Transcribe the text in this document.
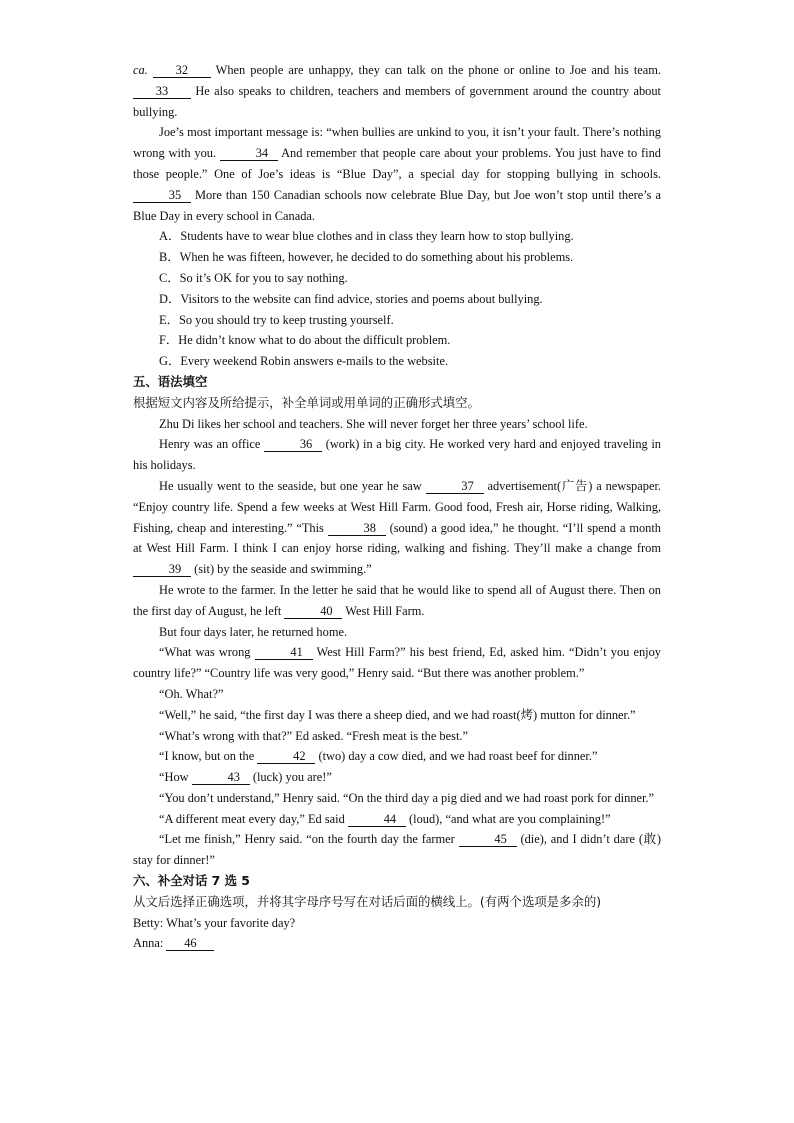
ca. 32 When people are unhappy, they can talk on the phone or online to Joe and his team. 33 He also speaks to children, teachers and members of government around the country about bullying.

Joe’s most important message is: “when bullies are unkind to you, it isn’t your fault. There’s nothing wrong with you.	34 And remember that people care about your problems. You just have to find those people.” One of Joe’s ideas is “Blue Day”, a special day for stopping bullying in schools. 35 More than 150 Canadian schools now celebrate Blue Day, but Joe won’t stop until there’s a Blue Day in every school in Canada.

A．Students have to wear blue clothes and in class they learn how to stop bullying.

B．When he was fifteen, however, he decided to do something about his problems.

C．So it’s OK for you to say nothing.

D．Visitors to the website can find advice, stories and poems about bullying.

E．So you should try to keep trusting yourself.

F．He didn’t know what to do about the difficult problem.

G．Every weekend Robin answers e-mails to the website.

五、语法填空

根据短文内容及所给提示，补全单词或用单词的正确形式填空。

Zhu Di likes her school and teachers. She will never forget her three years’ school life.

Henry was an office	36 (work) in a big city. He worked very hard and enjoyed traveling in his holidays.

He usually went to the seaside, but one year he saw	37 advertisement(广告) a newspaper. “Enjoy country life. Spend a few weeks at West Hill Farm. Good food, Fresh air, Horse riding, Walking, Fishing, cheap and interesting.” “This	38 (sound) a good idea,” he thought. “I’ll spend a month at West Hill Farm. I think I can enjoy horse riding, walking and fishing. They’ll make a change from 39 (sit) by the seaside and swimming.”

He wrote to the farmer. In the letter he said that he would like to spend all of August there. Then on the first day of August, he left	40 West Hill Farm.

But four days later, he returned home.

“What was wrong	41 West Hill Farm?” his best friend, Ed, asked him. “Didn’t you enjoy country life?” “Country life was very good,” Henry said. “But there was another problem.”

“Oh. What?”

“Well,” he said, “the first day I was there a sheep died, and we had roast(烤) mutton for dinner.”

“What’s wrong with that?” Ed asked. “Fresh meat is the best.”

“I know, but on the	42 (two) day a cow died, and we had roast beef for dinner.”

“How	43 (luck) you are!”

“You don’t understand,” Henry said. “On the third day a pig died and we had roast pork for dinner.”

“A different meat every day,” Ed said	44 (loud), “and what are you complaining!”

“Let me finish,” Henry said. “on the fourth day the farmer	45 (die), and I didn’t dare (敢) stay for dinner!”

六、补全对话 7 选 5

从文后选择正确选项，并将其字母序号写在对话后面的横线上。(有两个选项是多余的)

Betty: What’s your favorite day?

Anna: 46
